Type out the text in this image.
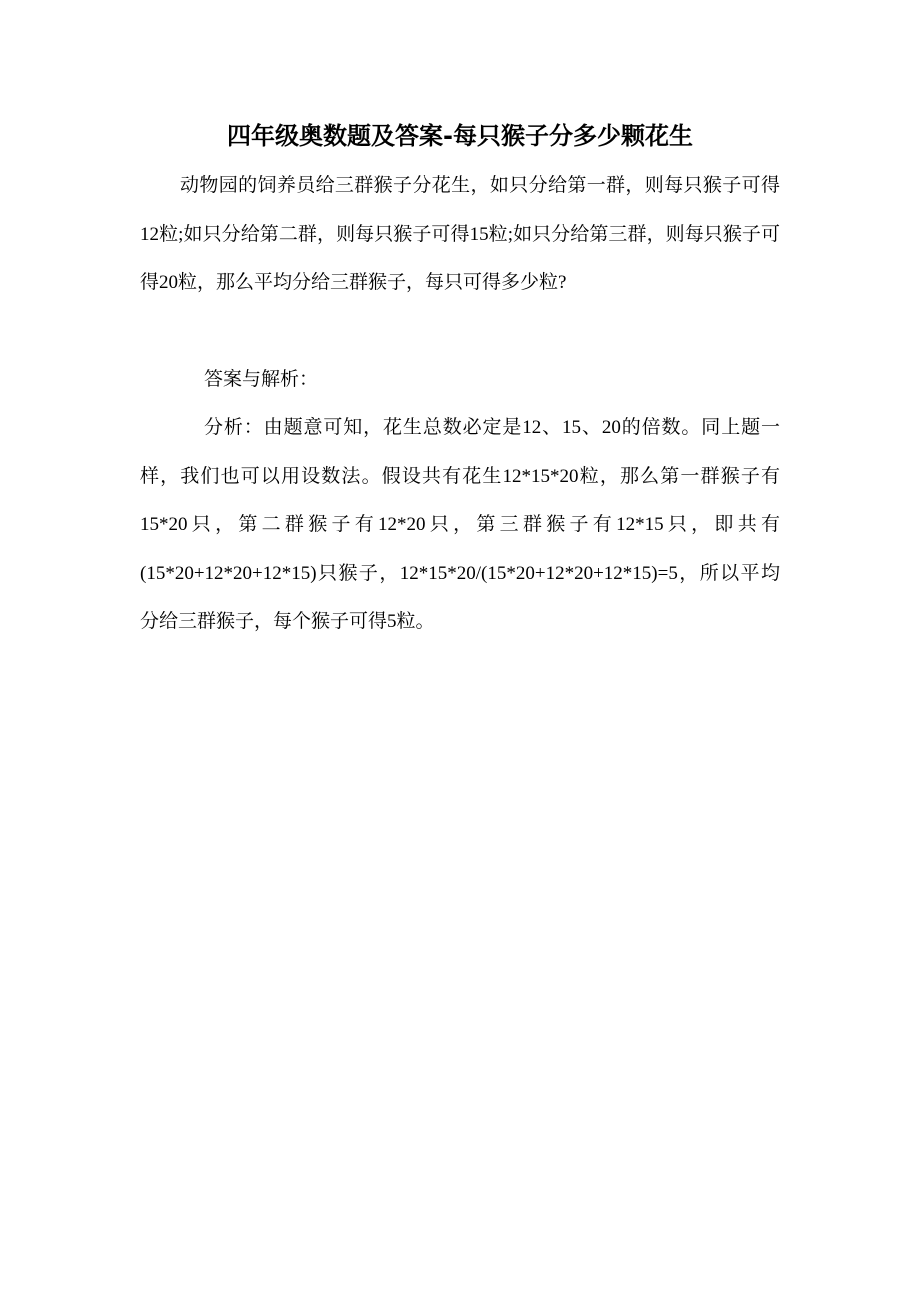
四年级奥数题及答案-每只猴子分多少颗花生

动物园的饲养员给三群猴子分花生，如只分给第一群，则每只猴子可得12粒;如只分给第二群，则每只猴子可得15粒;如只分给第三群，则每只猴子可得20粒，那么平均分给三群猴子，每只可得多少粒?

答案与解析：

分析：由题意可知，花生总数必定是12、15、20的倍数。同上题一样，我们也可以用设数法。假设共有花生12*15*20粒，那么第一群猴子有15*20只，第二群猴子有12*20只，第三群猴子有12*15只，即共有(15*20+12*20+12*15)只猴子，12*15*20/(15*20+12*20+12*15)=5，所以平均分给三群猴子，每个猴子可得5粒。
